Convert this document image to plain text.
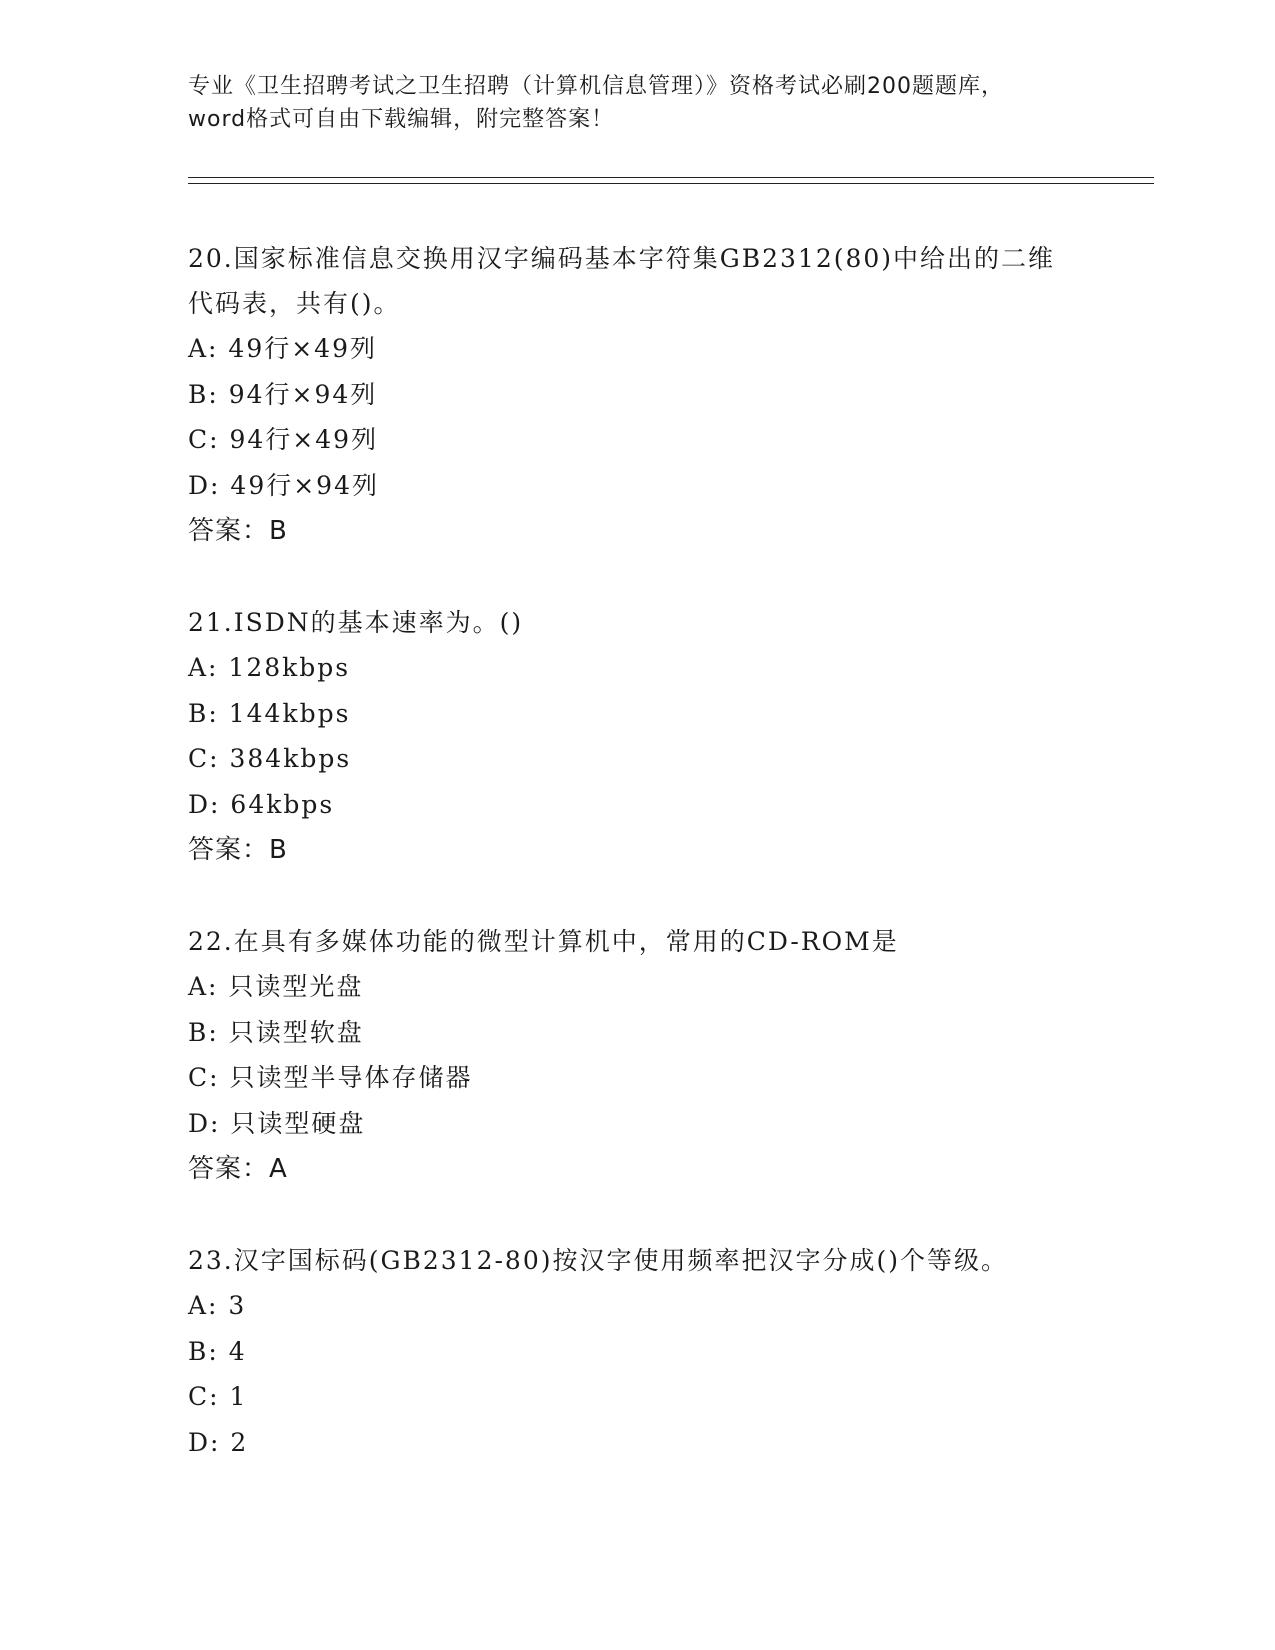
专业《卫生招聘考试之卫生招聘（计算机信息管理）》资格考试必刷200题题库，
word格式可自由下载编辑，附完整答案！
20.国家标准信息交换用汉字编码基本字符集GB2312(80)中给出的二维
代码表，共有()。
A: 49行×49列
B: 94行×94列
C: 94行×49列
D: 49行×94列
答案：B
21.ISDN的基本速率为。()
A: 128kbps
B: 144kbps
C: 384kbps
D: 64kbps
答案：B
22.在具有多媒体功能的微型计算机中，常用的CD-ROM是
A: 只读型光盘
B: 只读型软盘
C: 只读型半导体存储器
D: 只读型硬盘
答案：A
23.汉字国标码(GB2312-80)按汉字使用频率把汉字分成()个等级。
A: 3
B: 4
C: 1
D: 2
